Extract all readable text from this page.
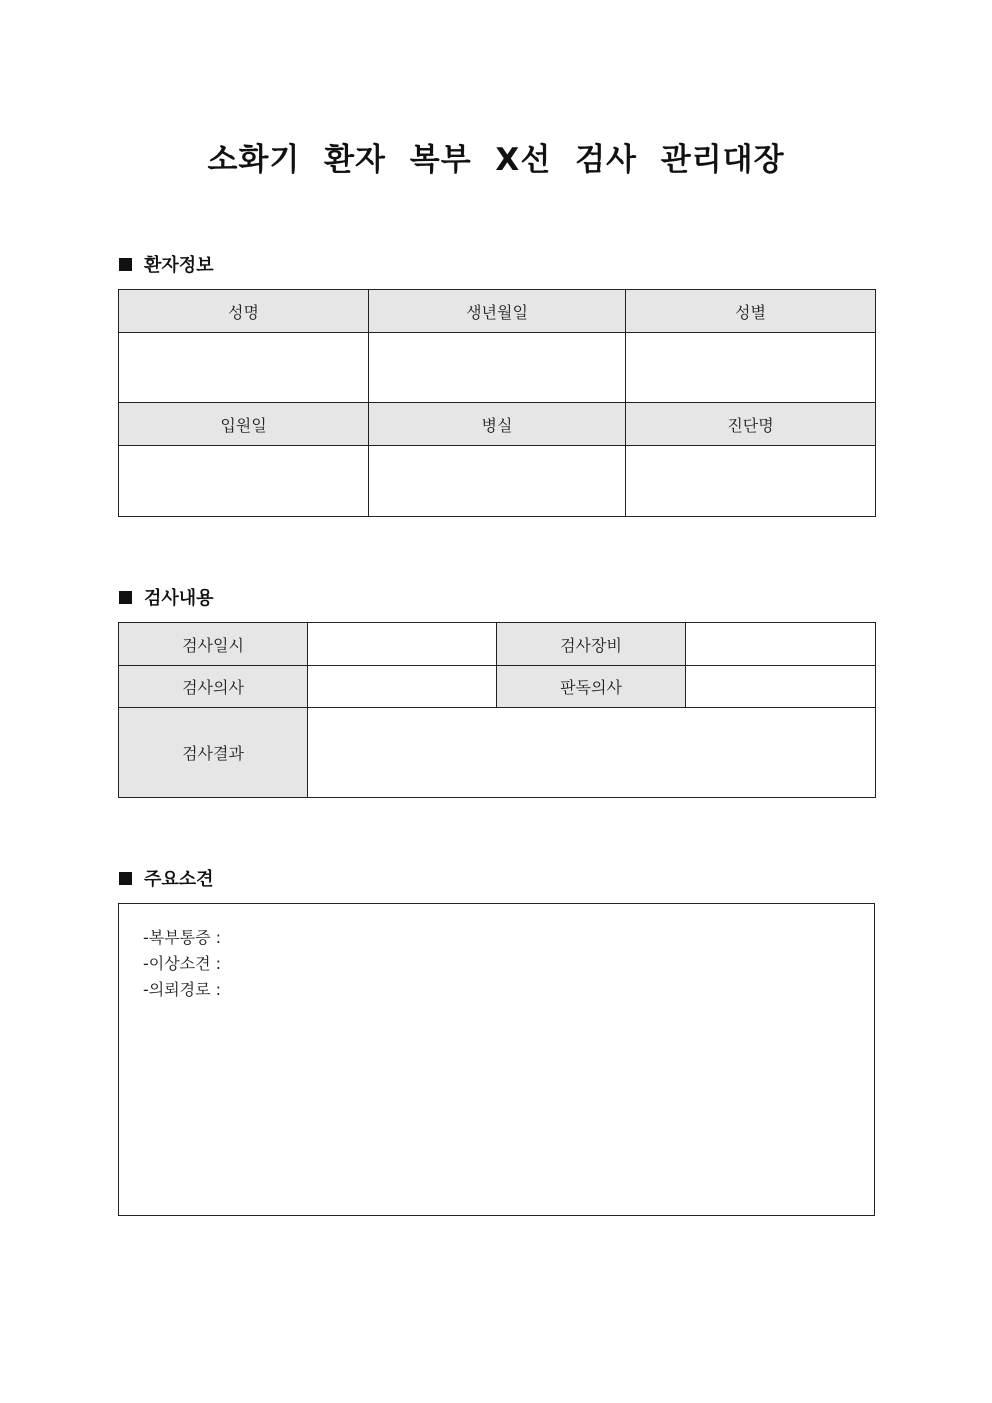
소화기 환자 복부 X선 검사 관리대장
환자정보
성명	생년월일	성별

입원일	병실	진단명

검사내용
검사일시		검사장비	
검사의사		판독의사	
검사결과			
주요소견
-복부통증 :
-이상소견 :
-의뢰경로 :
